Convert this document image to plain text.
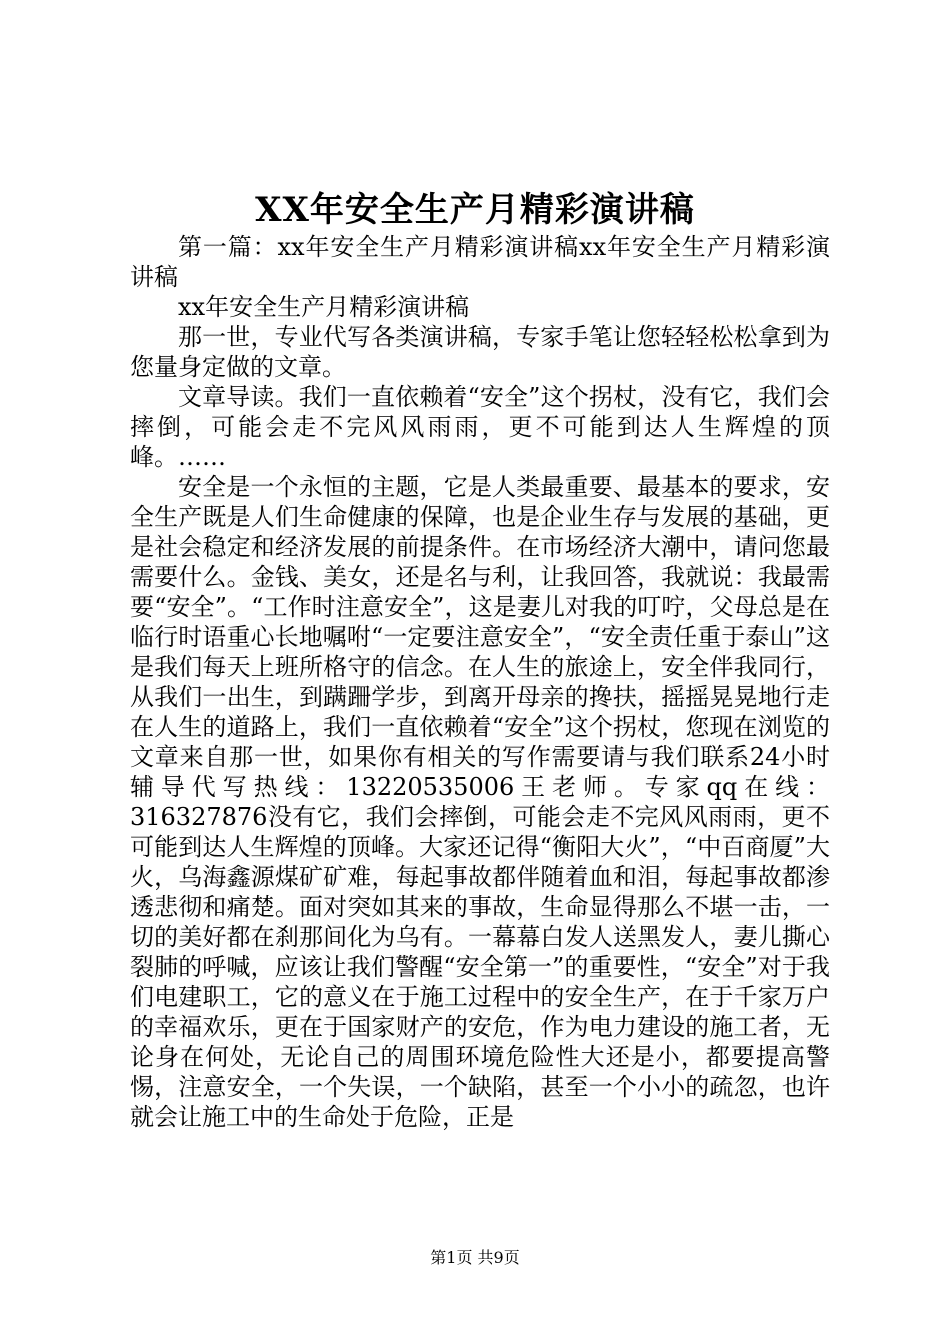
XX年安全生产月精彩演讲稿

第一篇：xx年安全生产月精彩演讲稿xx年安全生产月精彩演讲稿

xx年安全生产月精彩演讲稿

那一世，专业代写各类演讲稿，专家手笔让您轻轻松松拿到为您量身定做的文章。

文章导读。我们一直依赖着“安全”这个拐杖，没有它，我们会摔倒，可能会走不完风风雨雨，更不可能到达人生辉煌的顶峰。……

安全是一个永恒的主题，它是人类最重要、最基本的要求，安全生产既是人们生命健康的保障，也是企业生存与发展的基础，更是社会稳定和经济发展的前提条件。在市场经济大潮中，请问您最需要什么。金钱、美女，还是名与利，让我回答，我就说：我最需要“安全”。“工作时注意安全”，这是妻儿对我的叮咛，父母总是在临行时语重心长地嘱咐“一定要注意安全”，“安全责任重于泰山”这是我们每天上班所格守的信念。在人生的旅途上，安全伴我同行，从我们一出生，到蹒跚学步，到离开母亲的搀扶，摇摇晃晃地行走在人生的道路上，我们一直依赖着“安全”这个拐杖，您现在浏览的文章来自那一世，如果你有相关的写作需要请与我们联系24小时辅导代写热线：13220535006王老师。专家qq在线：316327876没有它，我们会摔倒，可能会走不完风风雨雨，更不可能到达人生辉煌的顶峰。大家还记得“衡阳大火”，“中百商厦”大火，乌海鑫源煤矿矿难，每起事故都伴随着血和泪，每起事故都渗透悲彻和痛楚。面对突如其来的事故，生命显得那么不堪一击，一切的美好都在刹那间化为乌有。一幕幕白发人送黑发人，妻儿撕心裂肺的呼喊，应该让我们警醒“安全第一”的重要性，“安全”对于我们电建职工，它的意义在于施工过程中的安全生产，在于千家万户的幸福欢乐，更在于国家财产的安危，作为电力建设的施工者，无论身在何处，无论自己的周围环境危险性大还是小，都要提高警惕，注意安全，一个失误，一个缺陷，甚至一个小小的疏忽，也许就会让施工中的生命处于危险，正是

第1页 共9页
